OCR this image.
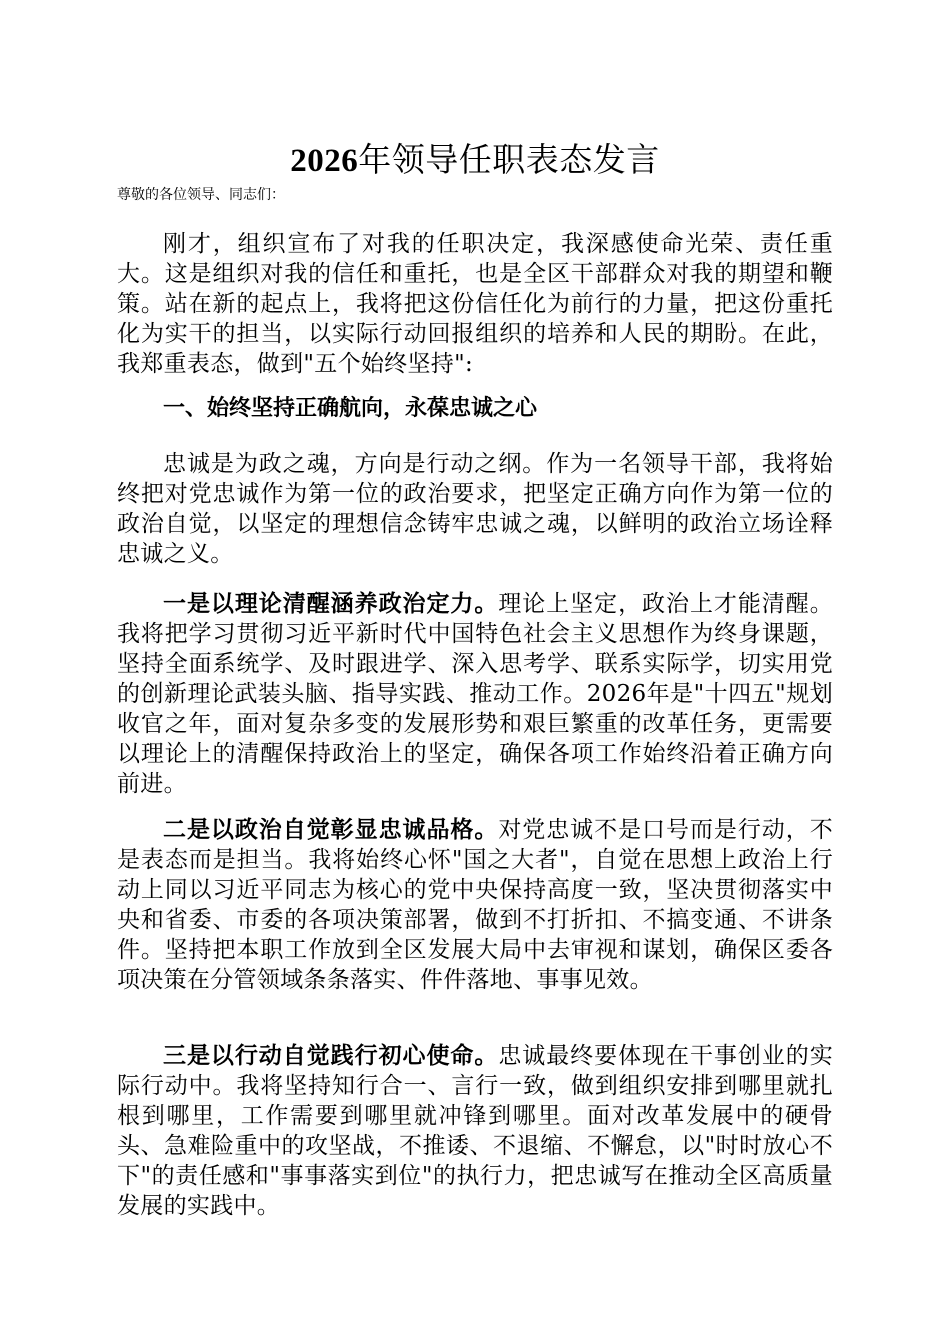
2026年领导任职表态发言
尊敬的各位领导、同志们：

刚才，组织宣布了对我的任职决定，我深感使命光荣、责任重大。这是组织对我的信任和重托，也是全区干部群众对我的期望和鞭策。站在新的起点上，我将把这份信任化为前行的力量，把这份重托化为实干的担当，以实际行动回报组织的培养和人民的期盼。在此，我郑重表态，做到"五个始终坚持":

一、始终坚持正确航向，永葆忠诚之心

忠诚是为政之魂，方向是行动之纲。作为一名领导干部，我将始终把对党忠诚作为第一位的政治要求，把坚定正确方向作为第一位的政治自觉，以坚定的理想信念铸牢忠诚之魂，以鲜明的政治立场诠释忠诚之义。

一是以理论清醒涵养政治定力。理论上坚定，政治上才能清醒。我将把学习贯彻习近平新时代中国特色社会主义思想作为终身课题，坚持全面系统学、及时跟进学、深入思考学、联系实际学，切实用党的创新理论武装头脑、指导实践、推动工作。2026年是"十四五"规划收官之年，面对复杂多变的发展形势和艰巨繁重的改革任务，更需要以理论上的清醒保持政治上的坚定，确保各项工作始终沿着正确方向前进。

二是以政治自觉彰显忠诚品格。对党忠诚不是口号而是行动，不是表态而是担当。我将始终心怀"国之大者"，自觉在思想上政治上行动上同以习近平同志为核心的党中央保持高度一致，坚决贯彻落实中央和省委、市委的各项决策部署，做到不打折扣、不搞变通、不讲条件。坚持把本职工作放到全区发展大局中去审视和谋划，确保区委各项决策在分管领域条条落实、件件落地、事事见效。

三是以行动自觉践行初心使命。忠诚最终要体现在干事创业的实际行动中。我将坚持知行合一、言行一致，做到组织安排到哪里就扎根到哪里，工作需要到哪里就冲锋到哪里。面对改革发展中的硬骨头、急难险重中的攻坚战，不推诿、不退缩、不懈怠，以"时时放心不下"的责任感和"事事落实到位"的执行力，把忠诚写在推动全区高质量发展的实践中。
